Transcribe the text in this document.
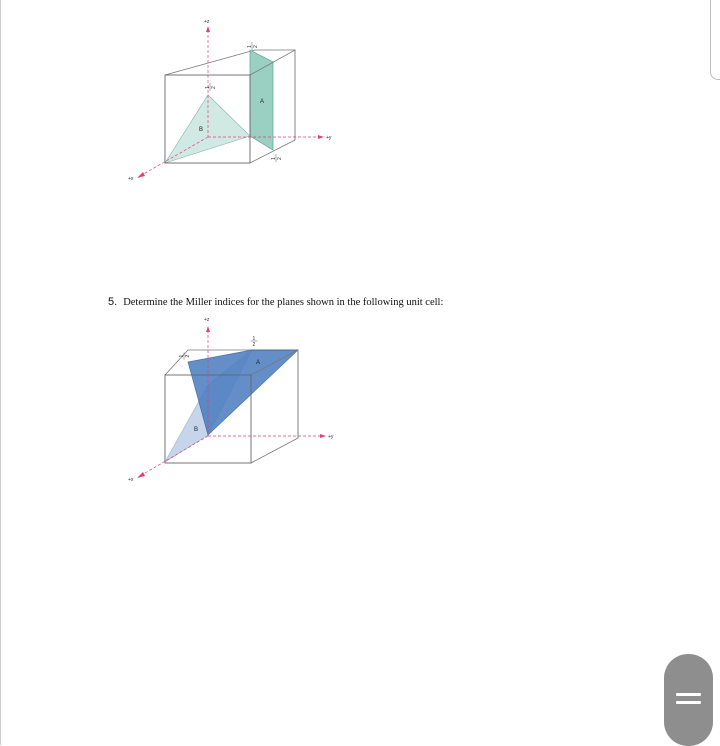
+z
+y
+x
A
B
1 2
1 2
1 2
5. Determine the Miller indices for the planes shown in the following unit cell:
+z
+y
+x
A
B
1
2
1 2
